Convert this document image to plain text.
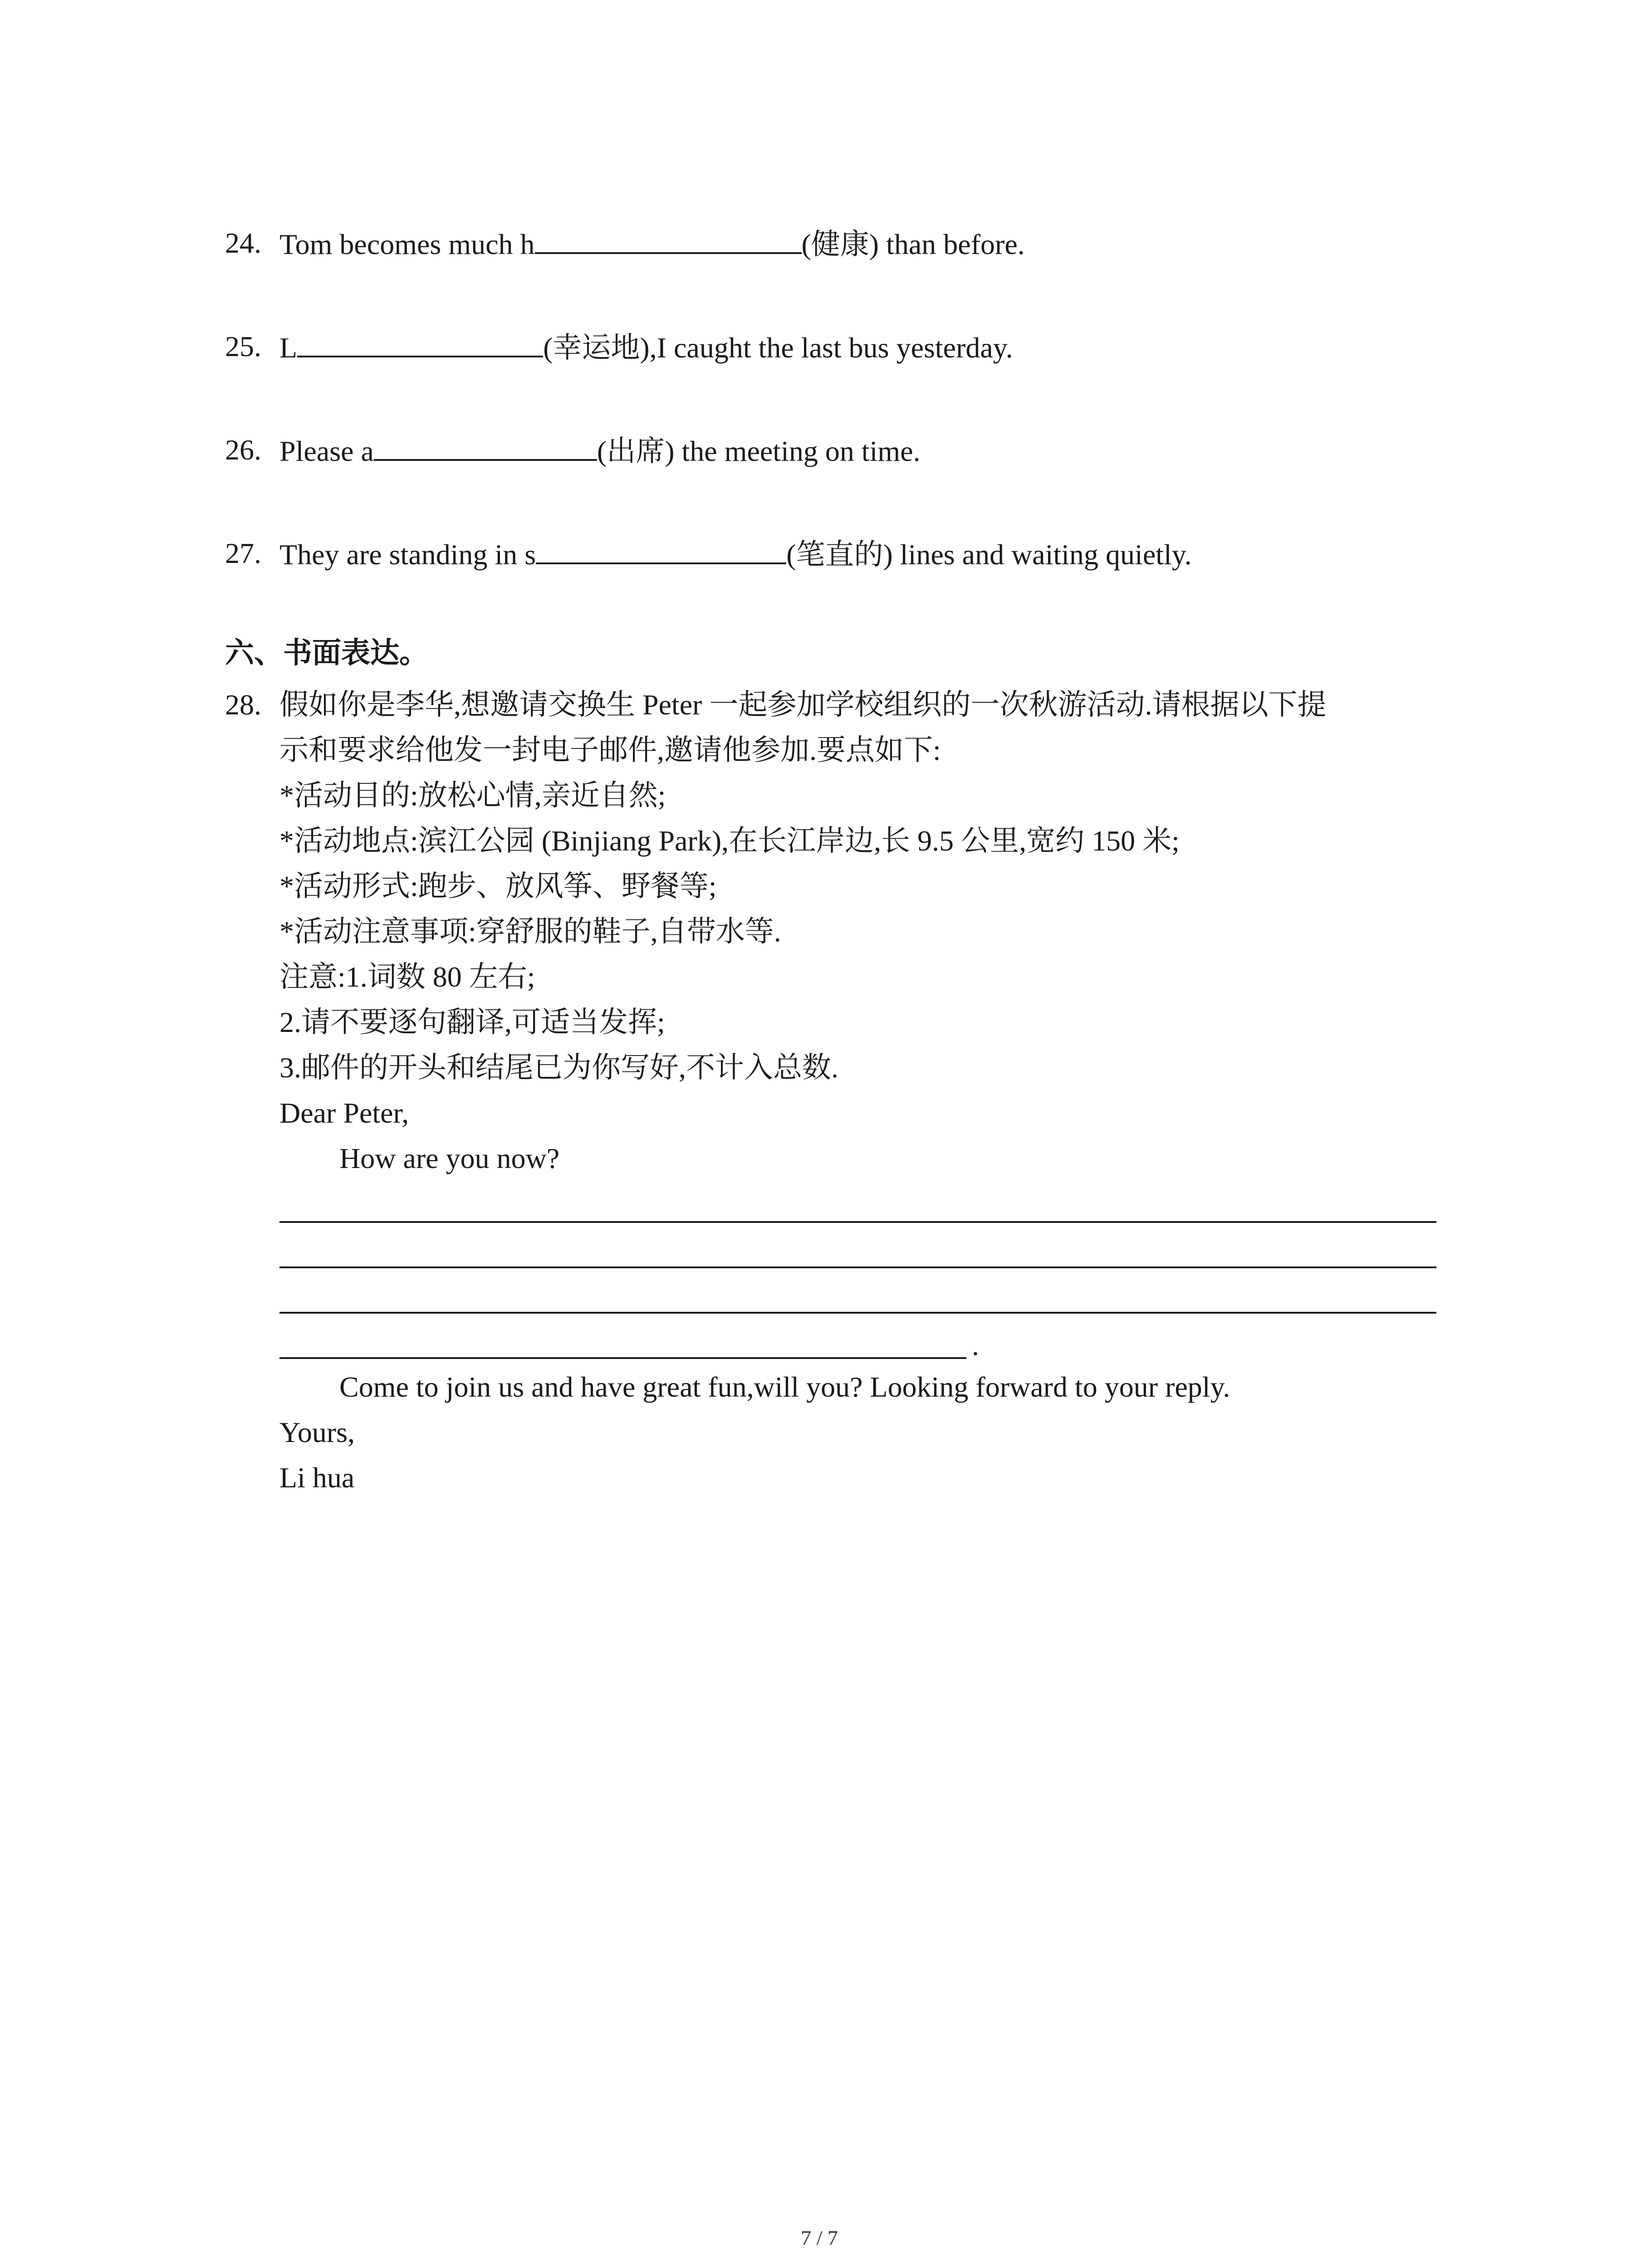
24. Tom becomes much h	(健康) than before.
25. L	(幸运地),I caught the last bus yesterday.
26. Please a	(出席) the meeting on time.
27. They are standing in s	(笔直的) lines and waiting quietly.
六、书面表达。
28. 假如你是李华,想邀请交换生 Peter 一起参加学校组织的一次秋游活动.请根据以下提
示和要求给他发一封电子邮件,邀请他参加.要点如下:
*活动目的:放松心情,亲近自然;
*活动地点:滨江公园 (Binjiang Park),在长江岸边,长 9.5 公里,宽约 150 米;
*活动形式:跑步、放风筝、野餐等;
*活动注意事项:穿舒服的鞋子,自带水等.
注意:1.词数 80 左右;
2.请不要逐句翻译,可适当发挥;
3.邮件的开头和结尾已为你写好,不计入总数.
Dear Peter,
How are you now?
.
Come to join us and have great fun,will you? Looking forward to your reply.
Yours,
Li hua
7 / 7
